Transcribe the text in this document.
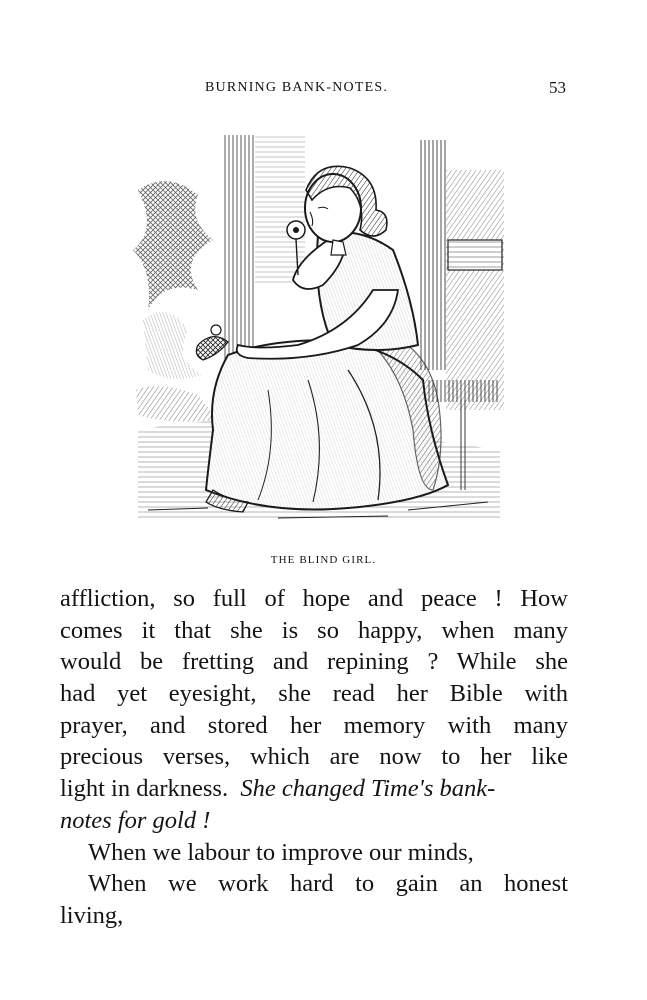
BURNING BANK-NOTES.	53
THE BLIND GIRL.
affliction, so full of hope and peace ! How
comes it that she is so happy, when many
would be fretting and repining ? While she
had yet eyesight, she read her Bible with
prayer, and stored her memory with many
precious verses, which are now to her like
light in darkness. She changed Time's bank-
notes for gold !
When we labour to improve our minds,
When we work hard to gain an honest
living,
